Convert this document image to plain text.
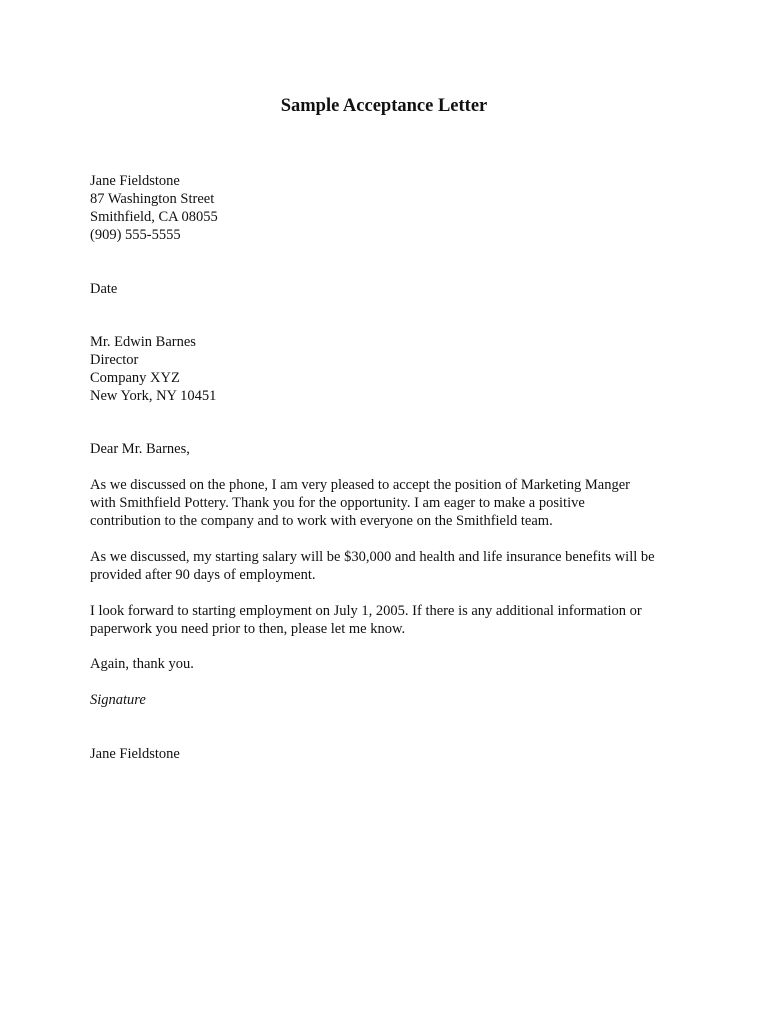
Sample Acceptance Letter
Jane Fieldstone
87 Washington Street
Smithfield, CA 08055
(909) 555-5555
Date
Mr. Edwin Barnes
Director
Company XYZ
New York, NY 10451
Dear Mr. Barnes,
As we discussed on the phone, I am very pleased to accept the position of Marketing Manger
with Smithfield Pottery. Thank you for the opportunity. I am eager to make a positive
contribution to the company and to work with everyone on the Smithfield team.
As we discussed, my starting salary will be $30,000 and health and life insurance benefits will be
provided after 90 days of employment.
I look forward to starting employment on July 1, 2005. If there is any additional information or
paperwork you need prior to then, please let me know.
Again, thank you.
Signature
Jane Fieldstone
